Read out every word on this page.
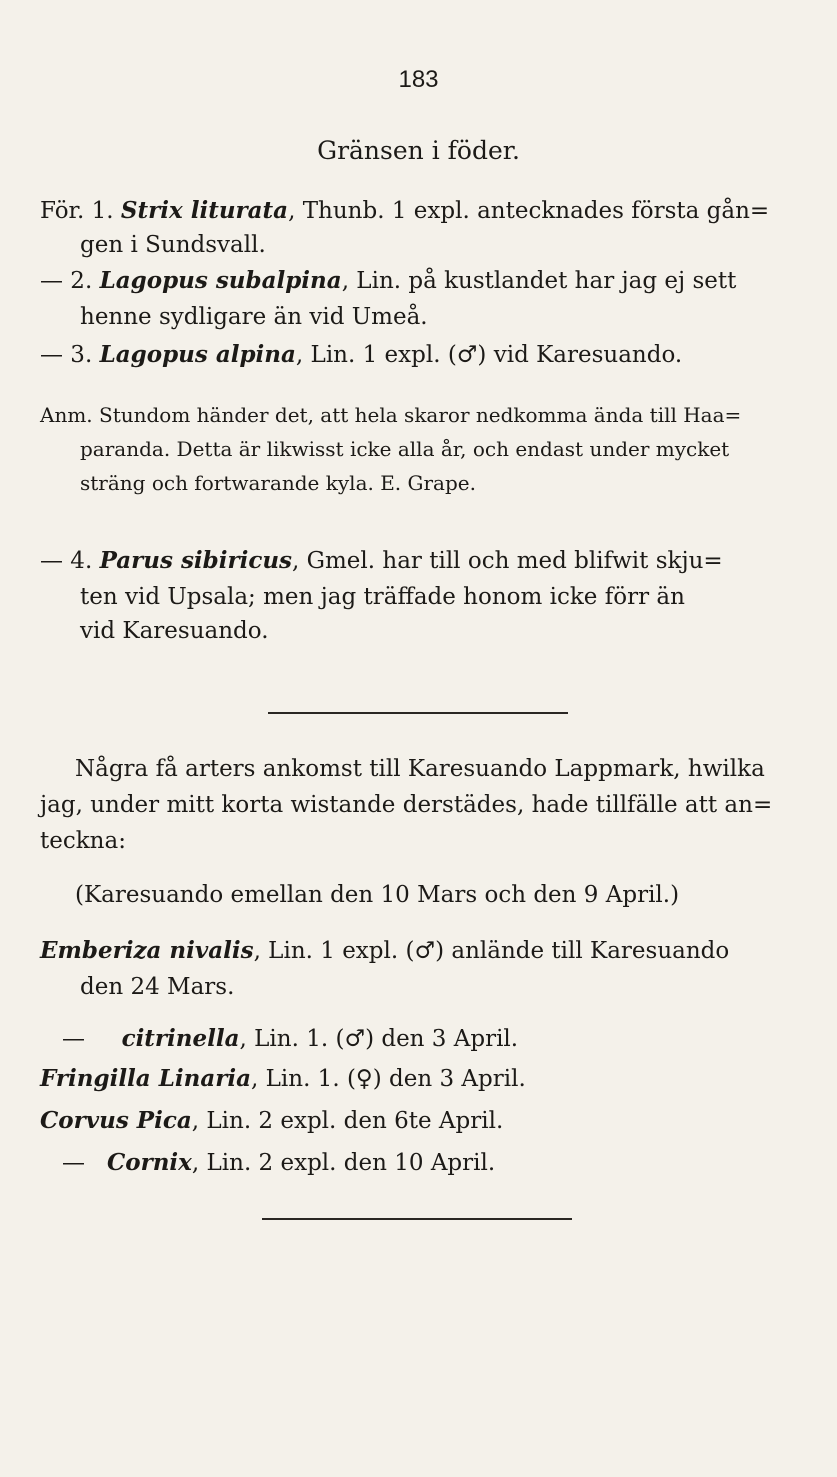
183
Gränsen i föder.
För. 1. Strix liturata, Thunb. 1 expl. antecknades första gån=
gen i Sundsvall.
— 2. Lagopus subalpina, Lin. på kustlandet har jag ej sett
henne sydligare än vid Umeå.
— 3. Lagopus alpina, Lin. 1 expl. (♂) vid Karesuando.
Anm. Stundom händer det, att hela skaror nedkomma ända till Haa=
paranda. Detta är likwisst icke alla år, och endast under mycket
sträng och fortwarande kyla. E. Grape.
— 4. Parus sibiricus, Gmel. har till och med blifwit skju=
ten vid Upsala; men jag träffade honom icke förr än
vid Karesuando.
Några få arters ankomst till Karesuando Lappmark, hwilka
jag, under mitt korta wistande derstädes, hade tillfälle att an=
teckna:
(Karesuando emellan den 10 Mars och den 9 April.)
Emberiza nivalis, Lin. 1 expl. (♂) anlände till Karesuando
den 24 Mars.
— citrinella, Lin. 1. (♂) den 3 April.
Fringilla Linaria, Lin. 1. (♀) den 3 April.
Corvus Pica, Lin. 2 expl. den 6te April.
— Cornix, Lin. 2 expl. den 10 April.
